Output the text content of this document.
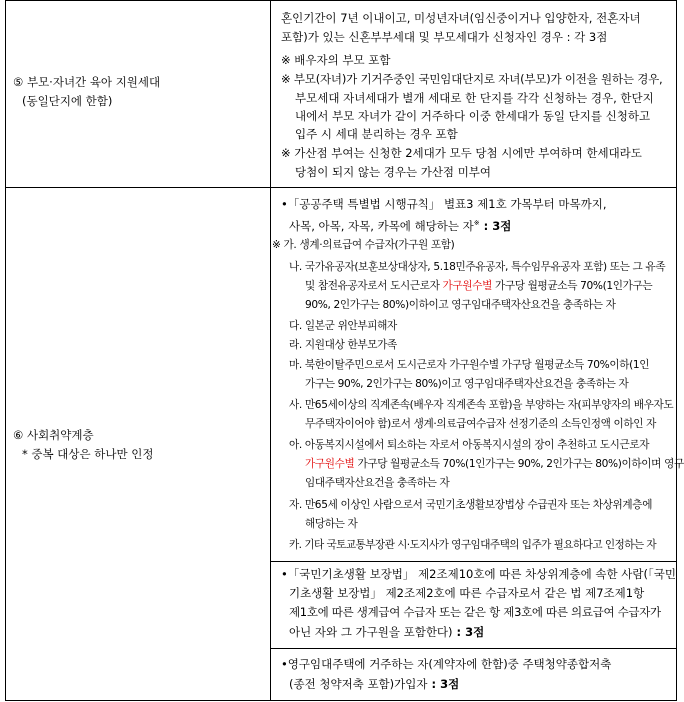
⑤ 부모·자녀간 육아 지원세대
(동일단지에 한함)
혼인기간이 7년 이내이고, 미성년자녀(임신중이거나 입양한자, 전혼자녀
포함)가 있는 신혼부부세대 및 부모세대가 신청자인 경우 : 각 3점
※ 배우자의 부모 포함
※ 부모(자녀)가 기거주중인 국민임대단지로 자녀(부모)가 이전을 원하는 경우,
부모세대 자녀세대가 별개 세대로 한 단지를 각각 신청하는 경우, 한단지
내에서 부모 자녀가 같이 거주하다 이중 한세대가 동일 단지를 신청하고
입주 시 세대 분리하는 경우 포함
※ 가산점 부여는 신청한 2세대가 모두 당첨 시에만 부여하며 한세대라도
당첨이 되지 않는 경우는 가산점 미부여
⑥ 사회취약계층
* 중복 대상은 하나만 인정
•「공공주택 특별법 시행규칙」 별표3 제1호 가목부터 마목까지,
사목, 아목, 자목, 카목에 해당하는 자※ : 3점
※ 가. 생계·의료급여 수급자(가구원 포함)
나. 국가유공자(보훈보상대상자, 5.18민주유공자, 특수임무유공자 포함) 또는 그 유족
및 참전유공자로서 도시근로자 가구원수별 가구당 월평균소득 70%(1인가구는
90%, 2인가구는 80%)이하이고 영구임대주택자산요건을 충족하는 자
다. 일본군 위안부피해자
라. 지원대상 한부모가족
마. 북한이탈주민으로서 도시근로자 가구원수별 가구당 월평균소득 70%이하(1인
가구는 90%, 2인가구는 80%)이고 영구임대주택자산요건을 충족하는 자
사. 만65세이상의 직계존속(배우자 직계존속 포함)을 부양하는 자(피부양자의 배우자도
무주택자이어야 함)로서 생계·의료급여수급자 선정기준의 소득인정액 이하인 자
아. 아동복지시설에서 퇴소하는 자로서 아동복지시설의 장이 추천하고 도시근로자
가구원수별 가구당 월평균소득 70%(1인가구는 90%, 2인가구는 80%)이하이며 영구
임대주택자산요건을 충족하는 자
자. 만65세 이상인 사람으로서 국민기초생활보장법상 수급권자 또는 차상위계층에
해당하는 자
카. 기타 국토교통부장관 시·도지사가 영구임대주택의 입주가 필요하다고 인정하는 자
•「국민기초생활 보장법」 제2조제10호에 따른 차상위계층에 속한 사람(「국민
기초생활 보장법」 제2조제2호에 따른 수급자로서 같은 법 제7조제1항
제1호에 따른 생계급여 수급자 또는 같은 항 제3호에 따른 의료급여 수급자가
아닌 자와 그 가구원을 포함한다) : 3점
•영구임대주택에 거주하는 자(계약자에 한함)중 주택청약종합저축
(종전 청약저축 포함)가입자 : 3점
